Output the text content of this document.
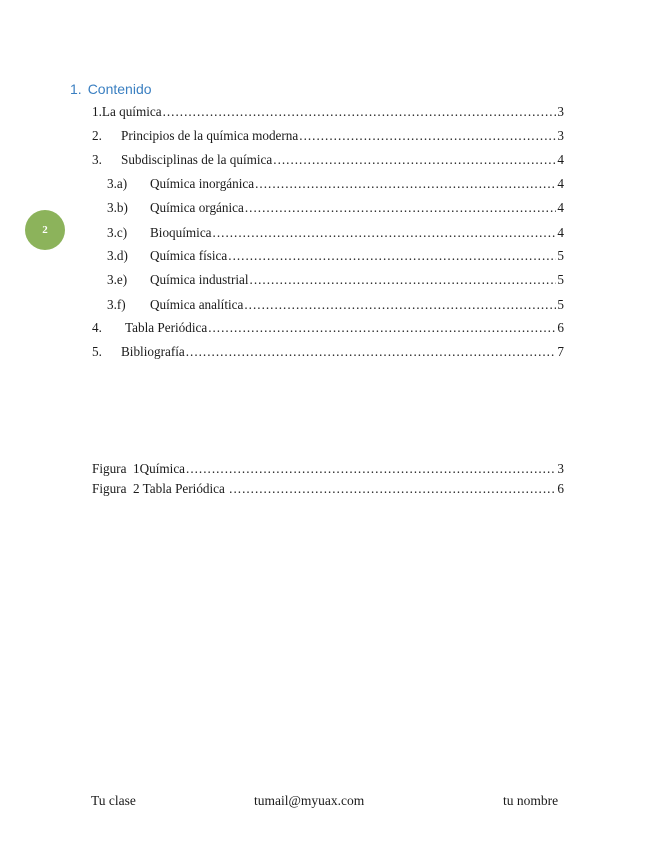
2
1. Contenido
1. La química .....	3
2.	Principios de la química moderna .....	3
3.	Subdisciplinas de la química .....	4
3.a)	Química inorgánica .....	4
3.b)	Química orgánica .....	4
3.c)	Bioquímica .....	4
3.d)	Química física .....	5
3.e)	Química industrial .....	5
3.f)	Química analítica .....	5
4.	Tabla Periódica .....	6
5.	Bibliografía .....	7
Figura  1Química .....	3
Figura  2 Tabla Periódica .....	6
Tu clase	tumail@myuax.com	tu nombre
